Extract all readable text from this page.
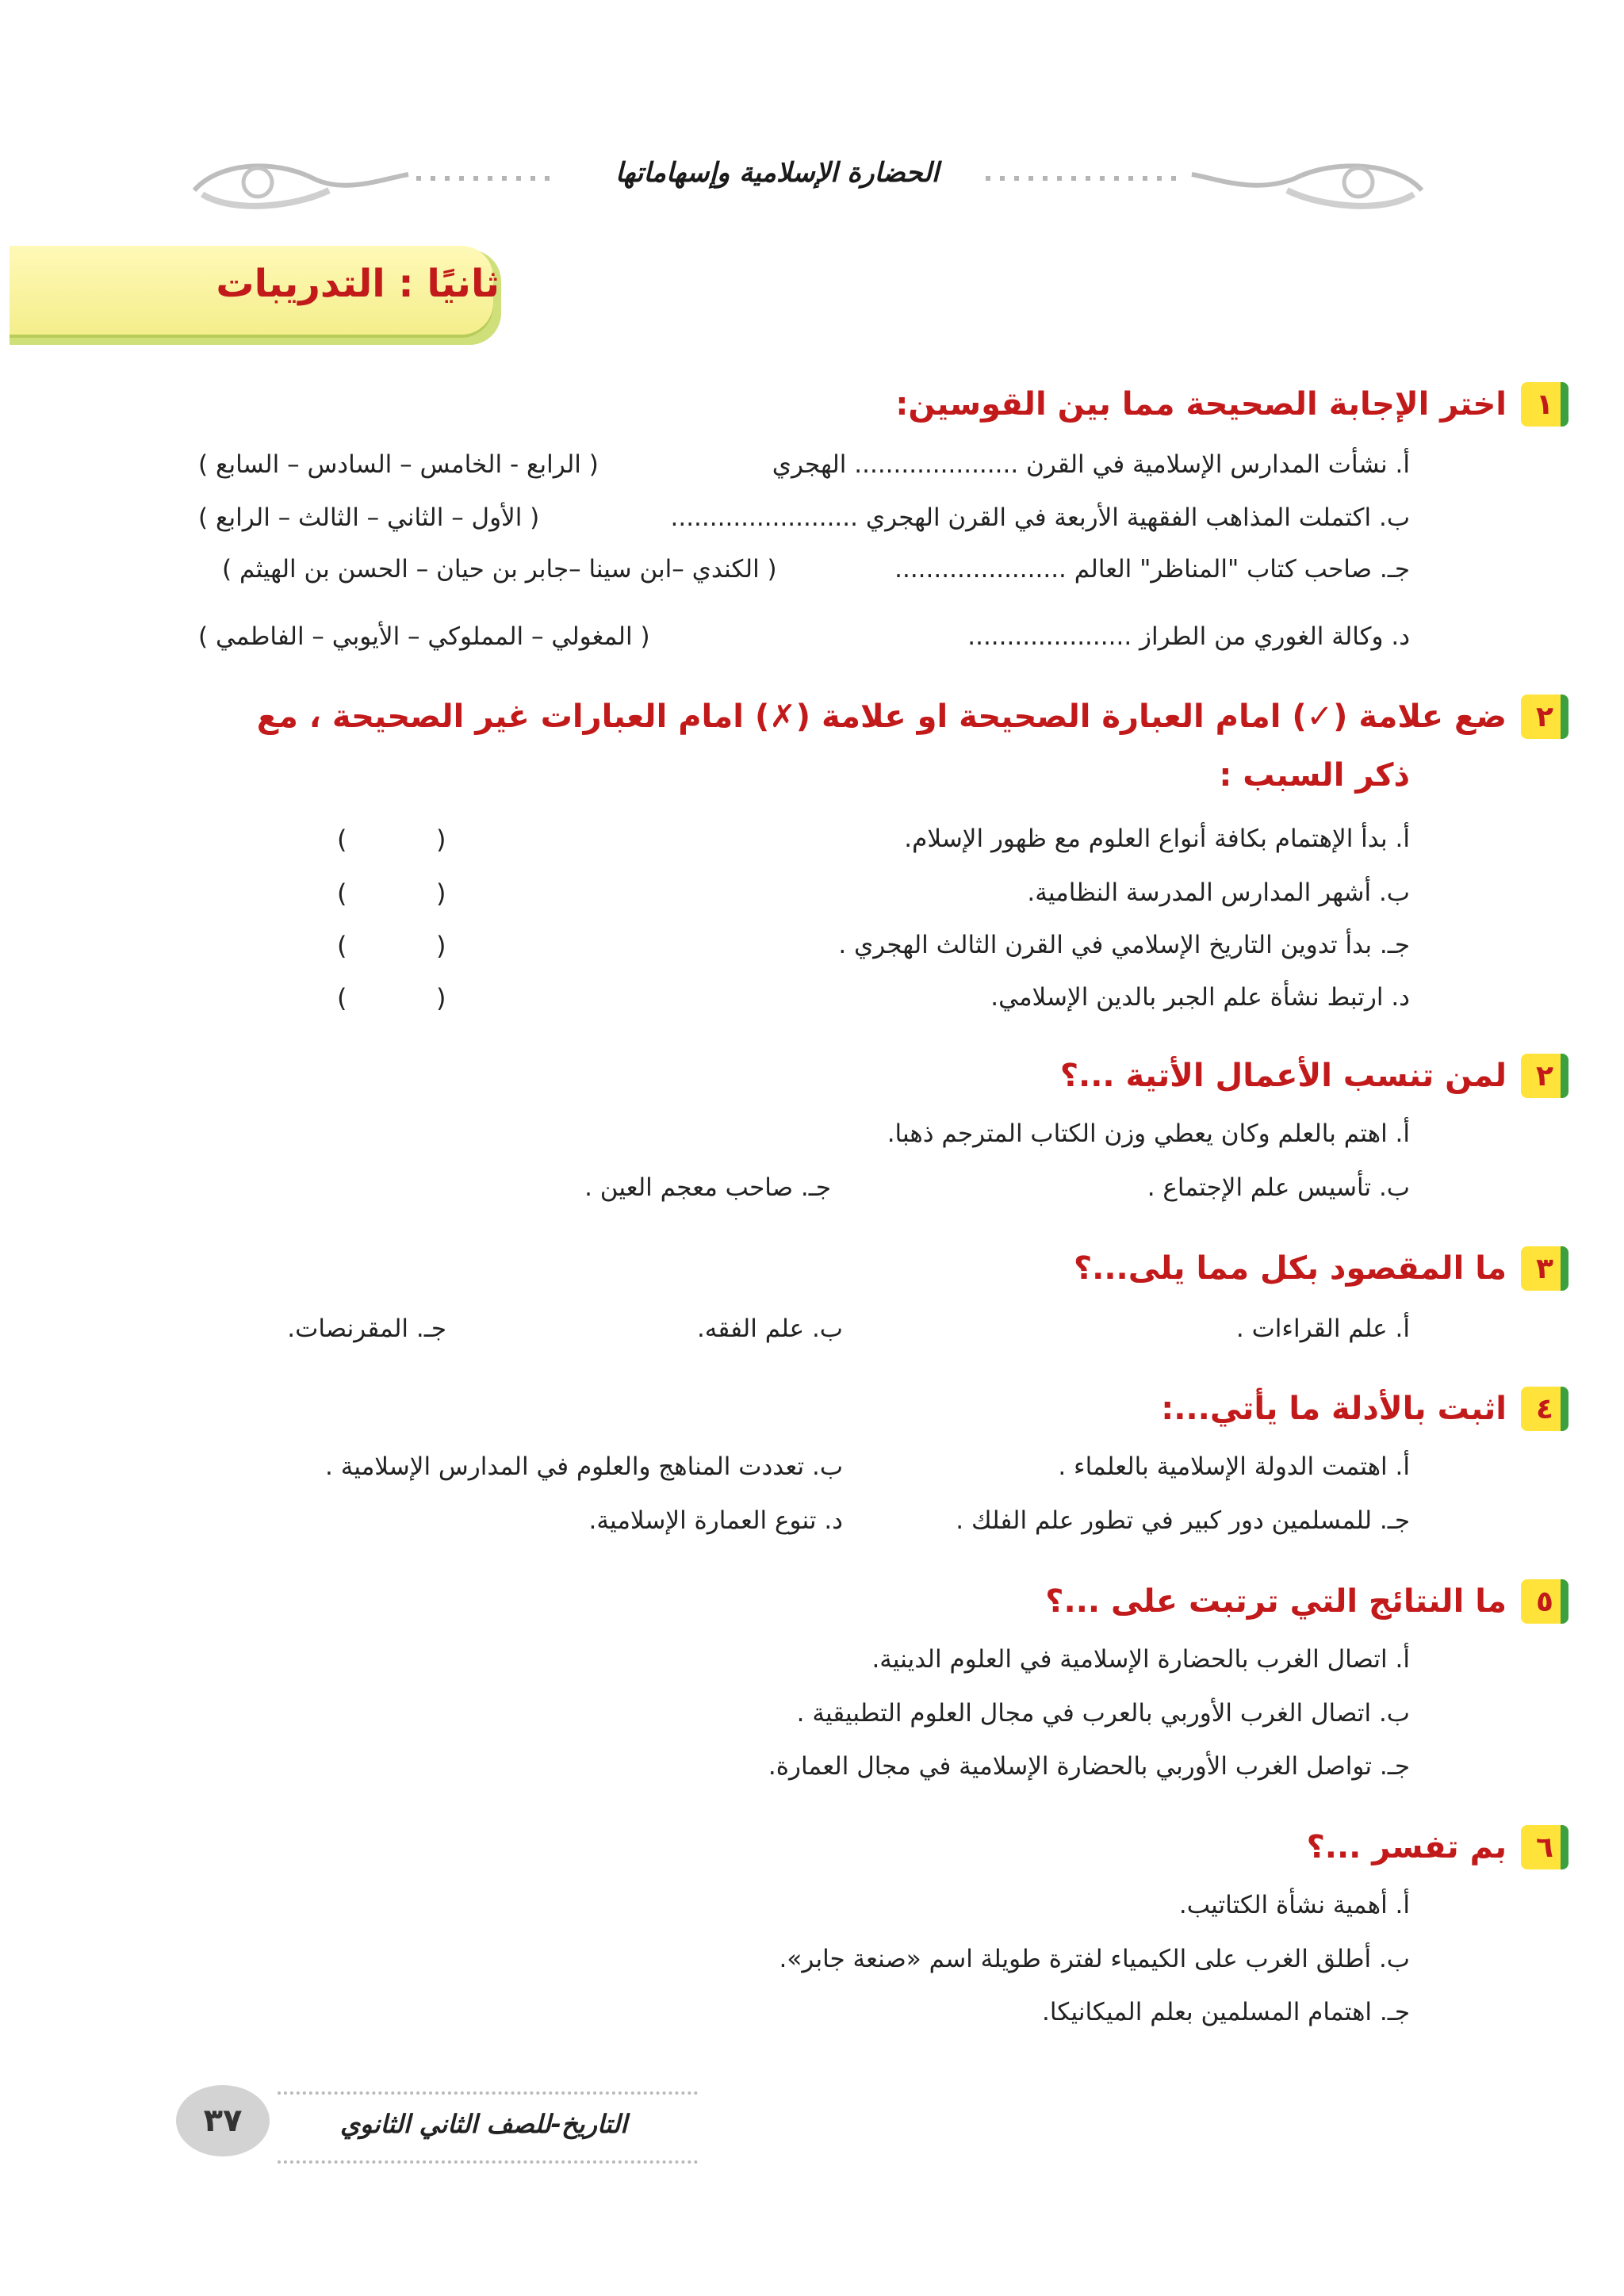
الحضارة الإسلامية وإسهاماتها
ثانيًا : التدريبات
١
اختر الإجابة الصحيحة مما بين القوسين:
أ. نشأت المدارس الإسلامية في القرن ..................... الهجري
( الرابع - الخامس – السادس – السابع )
ب. اكتملت المذاهب الفقهية الأربعة في القرن الهجري ........................
( الأول – الثاني – الثالث – الرابع )
جـ. صاحب كتاب "المناظر" العالم ......................
( الكندي –ابن سينا –جابر بن حيان – الحسن بن الهيثم )
د. وكالة الغوري من الطراز .....................
( المغولي – المملوكي – الأيوبي – الفاطمي )
٢
ضع علامة (✓) امام العبارة الصحيحة او علامة (✗) امام العبارات غير الصحيحة ، مع
ذكر السبب :
أ. بدأ الإهتمام بكافة أنواع العلوم مع ظهور الإسلام.
ب. أشهر المدارس المدرسة النظامية.
جـ. بدأ تدوين التاريخ الإسلامي في القرن الثالث الهجري .
د. ارتبط نشأة علم الجبر بالدين الإسلامي.
(
)
(
)
(
)
(
)
٢
لمن تنسب الأعمال الأتية ...؟
أ. اهتم بالعلم وكان يعطي وزن الكتاب المترجم ذهبا.
ب. تأسيس علم الإجتماع .
جـ. صاحب معجم العين .
٣
ما المقصود بكل مما يلى...؟
أ. علم القراءات .
ب. علم الفقه.
جـ. المقرنصات.
٤
اثبت بالأدلة ما يأتي...:
أ. اهتمت الدولة الإسلامية بالعلماء .
ب. تعددت المناهج والعلوم في المدارس الإسلامية .
جـ. للمسلمين دور كبير في تطور علم الفلك .
د. تنوع العمارة الإسلامية.
٥
ما النتائج التي ترتبت على ...؟
أ. اتصال الغرب بالحضارة الإسلامية في العلوم الدينية.
ب. اتصال الغرب الأوربي بالعرب في مجال العلوم التطبيقية .
جـ. تواصل الغرب الأوربي بالحضارة الإسلامية في مجال العمارة.
٦
بم تفسر ...؟
أ. أهمية نشأة الكتاتيب.
ب. أطلق الغرب على الكيمياء لفترة طويلة اسم «صنعة جابر».
جـ. اهتمام المسلمين بعلم الميكانيكا.
التاريخ-للصف الثاني الثانوي
٣٧
